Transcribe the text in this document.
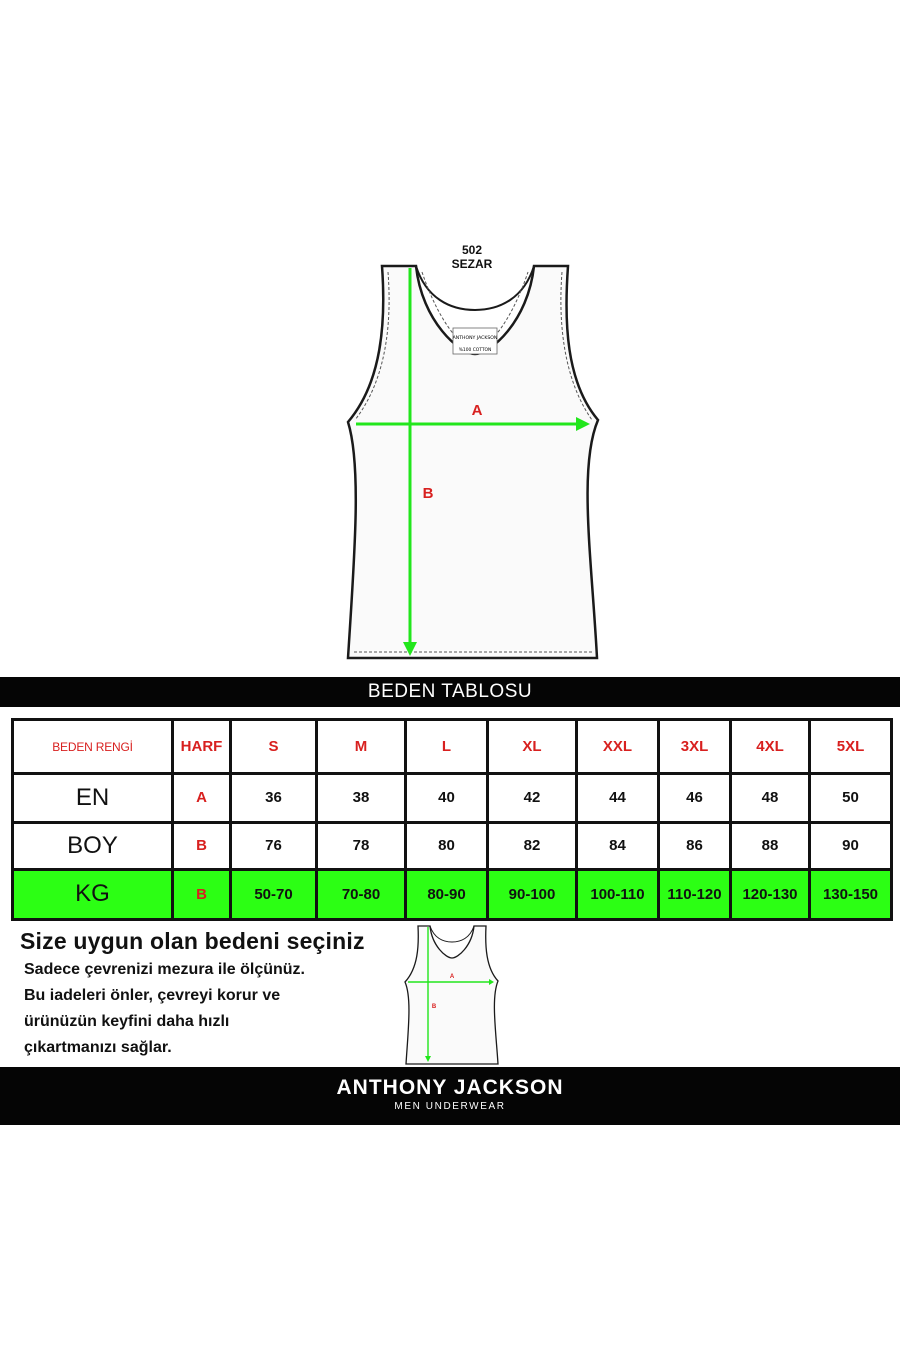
502
SEZAR
ANTHONY JACKSON
%100 COTTON
A
B
BEDEN TABLOSU
BEDEN RENGİ	HARF	S	M	L	XL	XXL	3XL	4XL	5XL
EN	A	36	38	40	42	44	46	48	50
BOY	B	76	78	80	82	84	86	88	90
KG	B	50-70	70-80	80-90	90-100	100-110	110-120	120-130	130-150
Size uygun olan bedeni seçiniz
Sadece çevrenizi mezura ile ölçünüz.
Bu iadeleri önler, çevreyi korur ve
ürünüzün keyfini daha hızlı
çıkartmanızı sağlar.
A
B
ANTHONY JACKSON
MEN UNDERWEAR
